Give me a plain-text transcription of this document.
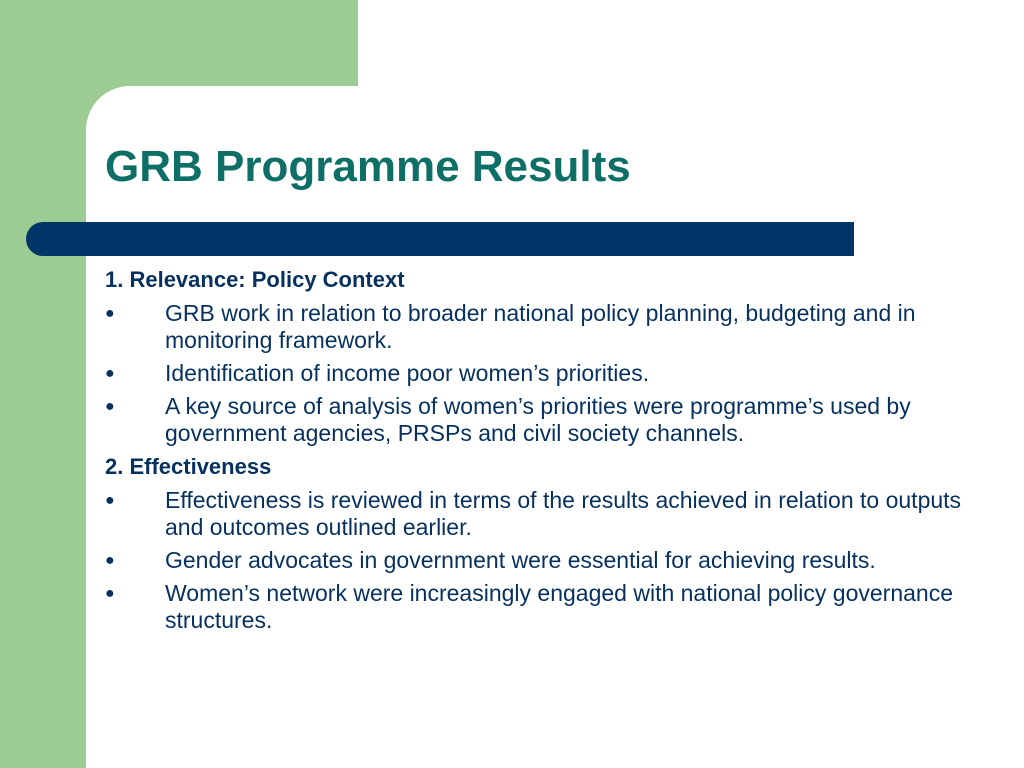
GRB Programme Results
1. Relevance: Policy Context
●	GRB work in relation to broader national policy planning, budgeting and in monitoring framework.
●	Identification of income poor women’s priorities.
●	A key source of analysis of women’s priorities were programme’s used by government agencies, PRSPs and civil society channels.
2. Effectiveness
●	Effectiveness is reviewed in terms of the results achieved in relation to outputs and outcomes outlined earlier.
●	Gender advocates in government were essential for achieving results.
●	Women’s network were increasingly engaged with national policy governance structures.
